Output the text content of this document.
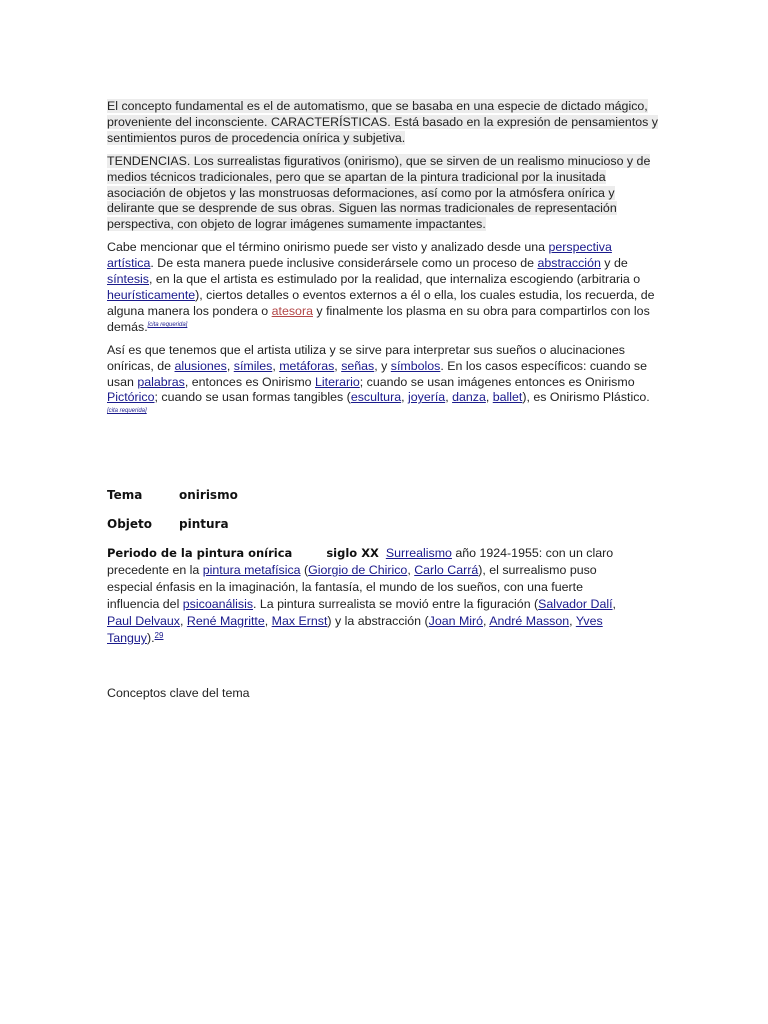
El concepto fundamental es el de automatismo, que se basaba en una especie de dictado mágico, proveniente del inconsciente. CARACTERÍSTICAS. Está basado en la expresión de pensamientos y sentimientos puros de procedencia onírica y subjetiva.

TENDENCIAS. Los surrealistas figurativos (onirismo), que se sirven de un realismo minucioso y de medios técnicos tradicionales, pero que se apartan de la pintura tradicional por la inusitada asociación de objetos y las monstruosas deformaciones, así como por la atmósfera onírica y delirante que se desprende de sus obras. Siguen las normas tradicionales de representación perspectiva, con objeto de lograr imágenes sumamente impactantes.

Cabe mencionar que el término onirismo puede ser visto y analizado desde una perspectiva artística. De esta manera puede inclusive considerársele como un proceso de abstracción y de síntesis, en la que el artista es estimulado por la realidad, que internaliza escogiendo (arbitraria o heurísticamente), ciertos detalles o eventos externos a él o ella, los cuales estudia, los recuerda, de alguna manera los pondera o atesora y finalmente los plasma en su obra para compartirlos con los demás.[cita requerida]

Así es que tenemos que el artista utiliza y se sirve para interpretar sus sueños o alucinaciones oníricas, de alusiones, símiles, metáforas, señas, y símbolos. En los casos específicos: cuando se usan palabras, entonces es Onirismo Literario; cuando se usan imágenes entonces es Onirismo Pictórico; cuando se usan formas tangibles (escultura, joyería, danza, ballet), es Onirismo Plástico.[cita requerida]

Tema	onirismo
Objeto pintura
Periodo de la pintura onírica	siglo XX Surrealismo año 1924-1955: con un claro precedente en la pintura metafísica (Giorgio de Chirico, Carlo Carrá), el surrealismo puso especial énfasis en la imaginación, la fantasía, el mundo de los sueños, con una fuerte influencia del psicoanálisis. La pintura surrealista se movió entre la figuración (Salvador Dalí, Paul Delvaux, René Magritte, Max Ernst) y la abstracción (Joan Miró, André Masson, Yves Tanguy).$^{29}$
Conceptos clave del tema
